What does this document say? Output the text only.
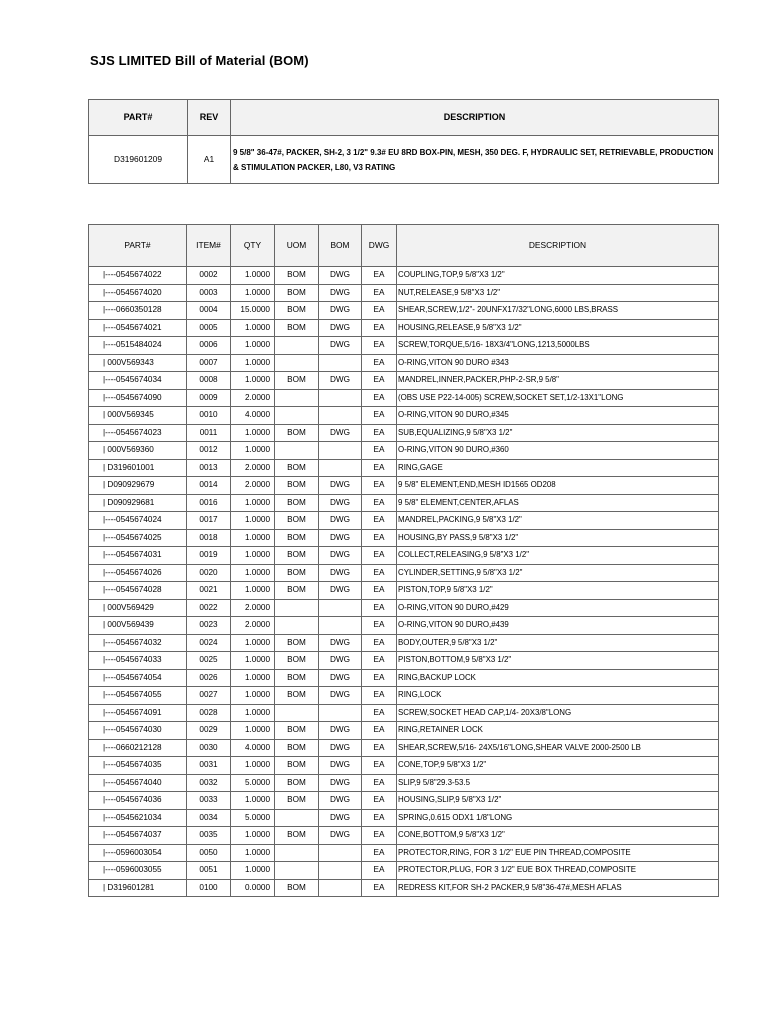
SJS LIMITED Bill of Material (BOM)
PART#	REV	DESCRIPTION
D319601209	A1	9 5/8" 36-47#, PACKER, SH-2, 3 1/2" 9.3# EU 8RD BOX-PIN, MESH, 350 DEG. F, HYDRAULIC SET, RETRIEVABLE, PRODUCTION & STIMULATION PACKER, L80, V3 RATING
PART#	ITEM#	QTY	UOM	BOM	DWG	DESCRIPTION
|----0545674022	0002	1.0000	BOM	DWG	EA	COUPLING,TOP,9 5/8"X3 1/2"
|----0545674020	0003	1.0000	BOM	DWG	EA	NUT,RELEASE,9 5/8"X3 1/2"
|----0660350128	0004	15.0000	BOM	DWG	EA	SHEAR,SCREW,1/2"- 20UNFX17/32"LONG,6000 LBS,BRASS
|----0545674021	0005	1.0000	BOM	DWG	EA	HOUSING,RELEASE,9 5/8"X3 1/2"
|----0515484024	0006	1.0000		DWG	EA	SCREW,TORQUE,5/16- 18X3/4"LONG,1213,5000LBS
| 000V569343	0007	1.0000			EA	O-RING,VITON 90 DURO #343
|----0545674034	0008	1.0000	BOM	DWG	EA	MANDREL,INNER,PACKER,PHP-2-SR,9 5/8"
|----0545674090	0009	2.0000			EA	(OBS USE P22-14-005) SCREW,SOCKET SET,1/2-13X1"LONG
| 000V569345	0010	4.0000			EA	O-RING,VITON 90 DURO,#345
|----0545674023	0011	1.0000	BOM	DWG	EA	SUB,EQUALIZING,9 5/8"X3 1/2"
| 000V569360	0012	1.0000			EA	O-RING,VITON 90 DURO,#360
| D319601001	0013	2.0000	BOM		EA	RING,GAGE
| D090929679	0014	2.0000	BOM	DWG	EA	9 5/8" ELEMENT,END,MESH ID1565 OD208
| D090929681	0016	1.0000	BOM	DWG	EA	9 5/8" ELEMENT,CENTER,AFLAS
|----0545674024	0017	1.0000	BOM	DWG	EA	MANDREL,PACKING,9 5/8"X3 1/2"
|----0545674025	0018	1.0000	BOM	DWG	EA	HOUSING,BY PASS,9 5/8"X3 1/2"
|----0545674031	0019	1.0000	BOM	DWG	EA	COLLECT,RELEASING,9 5/8"X3 1/2"
|----0545674026	0020	1.0000	BOM	DWG	EA	CYLINDER,SETTING,9 5/8"X3 1/2"
|----0545674028	0021	1.0000	BOM	DWG	EA	PISTON,TOP,9 5/8"X3 1/2"
| 000V569429	0022	2.0000			EA	O-RING,VITON 90 DURO,#429
| 000V569439	0023	2.0000			EA	O-RING,VITON 90 DURO,#439
|----0545674032	0024	1.0000	BOM	DWG	EA	BODY,OUTER,9 5/8"X3 1/2"
|----0545674033	0025	1.0000	BOM	DWG	EA	PISTON,BOTTOM,9 5/8"X3 1/2"
|----0545674054	0026	1.0000	BOM	DWG	EA	RING,BACKUP LOCK
|----0545674055	0027	1.0000	BOM	DWG	EA	RING,LOCK
|----0545674091	0028	1.0000			EA	SCREW,SOCKET HEAD CAP,1/4- 20X3/8"LONG
|----0545674030	0029	1.0000	BOM	DWG	EA	RING,RETAINER LOCK
|----0660212128	0030	4.0000	BOM	DWG	EA	SHEAR,SCREW,5/16- 24X5/16"LONG,SHEAR VALVE 2000-2500 LB
|----0545674035	0031	1.0000	BOM	DWG	EA	CONE,TOP,9 5/8"X3 1/2"
|----0545674040	0032	5.0000	BOM	DWG	EA	SLIP,9 5/8"29.3-53.5
|----0545674036	0033	1.0000	BOM	DWG	EA	HOUSING,SLIP,9 5/8"X3 1/2"
|----0545621034	0034	5.0000		DWG	EA	SPRING,0.615 ODX1 1/8"LONG
|----0545674037	0035	1.0000	BOM	DWG	EA	CONE,BOTTOM,9 5/8"X3 1/2"
|----0596003054	0050	1.0000			EA	PROTECTOR,RING, FOR 3 1/2" EUE PIN THREAD,COMPOSITE
|----0596003055	0051	1.0000			EA	PROTECTOR,PLUG, FOR 3 1/2" EUE BOX THREAD,COMPOSITE
| D319601281	0100	0.0000	BOM		EA	REDRESS KIT,FOR SH-2 PACKER,9 5/8"36-47#,MESH AFLAS
